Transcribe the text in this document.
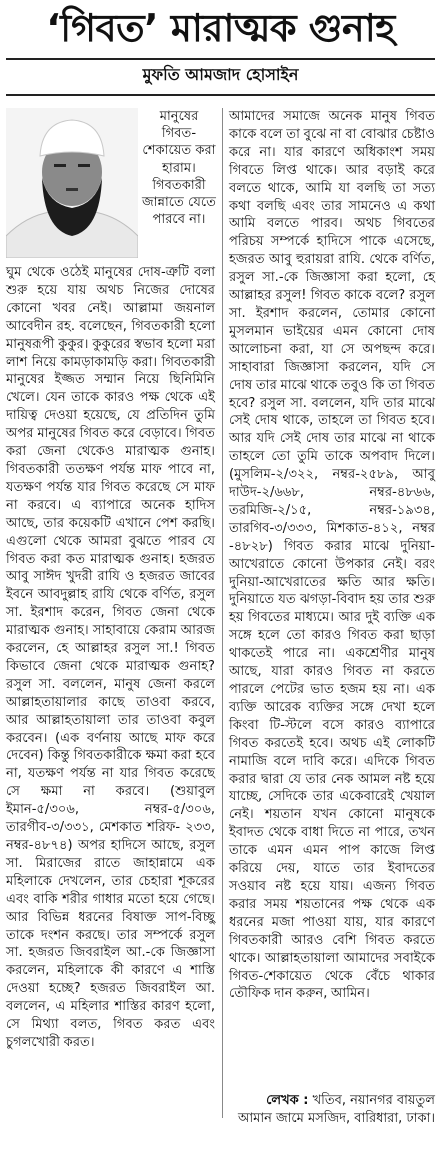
‘গিবত’ মারাত্মক গুনাহ
মুফতি আমজাদ হোসাইন
মানুষের গিবত-শেকায়েত করা হারাম। গিবতকারী জান্নাতে যেতে পারবে না।

ঘুম থেকে ওঠেই মানুষের দোষ-ত্রুটি বলা শুরু হয়ে যায় অথচ নিজের দোষের কোনো খবর নেই। আল্লামা জয়নাল আবেদীন রহ. বলেছেন, গিবতকারী হলো মানুষরূপী কুকুর। কুকুরের স্বভাব হলো মরা লাশ নিয়ে কামড়াকামড়ি করা। গিবতকারী মানুষের ইজ্জত সম্মান নিয়ে ছিনিমিনি খেলে। যেন তাকে কারও পক্ষ থেকে এই দায়িত্ব দেওয়া হয়েছে, যে প্রতিদিন তুমি অপর মানুষের গিবত করে বেড়াবে। গিবত করা জেনা থেকেও মারাত্মক গুনাহ। গিবতকারী ততক্ষণ পর্যন্ত মাফ পাবে না, যতক্ষণ পর্যন্ত যার গিবত করেছে সে মাফ না করবে। এ ব্যাপারে অনেক হাদিস আছে, তার কয়েকটি এখানে পেশ করছি। এগুলো থেকে আমরা বুঝতে পারব যে গিবত করা কত মারাত্মক গুনাহ। হজরত আবু সাঈদ খুদরী রাযি ও হজরত জাবের ইবনে আবদুল্লাহ রাযি থেকে বর্ণিত, রসুল সা. ইরশাদ করেন, গিবত জেনা থেকে মারাত্মক গুনাহ। সাহাবায়ে কেরাম আরজ করলেন, হে আল্লাহর রসুল সা.! গিবত কিভাবে জেনা থেকে মারাত্মক গুনাহ? রসুল সা. বললেন, মানুষ জেনা করলে আল্লাহতায়ালার কাছে তাওবা করবে, আর আল্লাহতায়ালা তার তাওবা কবুল করবেন। (এক বর্ণনায় আছে মাফ করে দেবেন) কিন্তু গিবতকারীকে ক্ষমা করা হবে না, যতক্ষণ পর্যন্ত না যার গিবত করেছে সে ক্ষমা না করবে। (শুয়াবুল ইমান-৫/৩০৬, নম্বর-৫/৩০৬, তারগীব-৩/৩৩১, মেশকাত শরিফ- ২৩৩, নম্বর-৪৮৭৪) অপর হাদিসে আছে, রসুল সা. মিরাজের রাতে জাহান্নামে এক মহিলাকে দেখলেন, তার চেহারা শূকরের এবং বাকি শরীর গাধার মতো হয়ে গেছে। আর বিভিন্ন ধরনের বিষাক্ত সাপ-বিচ্ছু তাকে দংশন করছে। তার সম্পর্কে রসুল সা. হজরত জিবরাইল আ.-কে জিজ্ঞাসা করলেন, মহিলাকে কী কারণে এ শাস্তি দেওয়া হচ্ছে? হজরত জিবরাইল আ. বললেন, এ মহিলার শাস্তির কারণ হলো, সে মিথ্যা বলত, গিবত করত এবং চুগলখোরী করত।

আমাদের সমাজে অনেক মানুষ গিবত কাকে বলে তা বুঝে না বা বোঝার চেষ্টাও করে না। যার কারণে অধিকাংশ সময় গিবতে লিপ্ত থাকে। আর বড়াই করে বলতে থাকে, আমি যা বলছি তা সত্য কথা বলছি এবং তার সামনেও এ কথা আমি বলতে পারব। অথচ গিবতের পরিচয় সম্পর্কে হাদিসে পাকে এসেছে, হজরত আবু হুরায়রা রাযি. থেকে বর্ণিত, রসুল সা.-কে জিজ্ঞাসা করা হলো, হে আল্লাহর রসুল! গিবত কাকে বলে? রসুল সা. ইরশাদ করলেন, তোমার কোনো মুসলমান ভাইয়ের এমন কোনো দোষ আলোচনা করা, যা সে অপছন্দ করে। সাহাবারা জিজ্ঞাসা করলেন, যদি সে দোষ তার মাঝে থাকে তবুও কি তা গিবত হবে? রসুল সা. বললেন, যদি তার মাঝে সেই দোষ থাকে, তাহলে তা গিবত হবে। আর যদি সেই দোষ তার মাঝে না থাকে তাহলে তো তুমি তাকে অপবাদ দিলে। (মুসলিম-২/৩২২, নম্বর-২৫৮৯, আবু দাউদ-২/৬৬৮, নম্বর-৪৮৬৬, তরমিজি-২/১৫, নম্বর-১৯৩৪, তারগিব-৩/৩৩৩, মিশকাত-৪১২, নম্বর -৪৮২৮) গিবত করার মাঝে দুনিয়া-আখেরাতে কোনো উপকার নেই। বরং দুনিয়া-আখেরাতের ক্ষতি আর ক্ষতি। দুনিয়াতে যত ঝগড়া-বিবাদ হয় তার শুরু হয় গিবতের মাধ্যমে। আর দুই ব্যক্তি এক সঙ্গে হলে তো কারও গিবত করা ছাড়া থাকতেই পারে না। একশ্রেণীর মানুষ আছে, যারা কারও গিবত না করতে পারলে পেটের ভাত হজম হয় না। এক ব্যক্তি আরেক ব্যক্তির সঙ্গে দেখা হলে কিংবা টি-স্টলে বসে কারও ব্যাপারে গিবত করতেই হবে। অথচ এই লোকটি নামাজি বলে দাবি করে। এদিকে গিবত করার দ্বারা যে তার নেক আমল নষ্ট হয়ে যাচ্ছে, সেদিকে তার একেবারেই খেয়াল নেই। শয়তান যখন কোনো মানুষকে ইবাদত থেকে বাধা দিতে না পারে, তখন তাকে এমন এমন পাপ কাজে লিপ্ত করিয়ে দেয়, যাতে তার ইবাদতের সওয়াব নষ্ট হয়ে যায়। এজন্য গিবত করার সময় শয়তানের পক্ষ থেকে এক ধরনের মজা পাওয়া যায়, যার কারণে গিবতকারী আরও বেশি গিবত করতে থাকে। আল্লাহতায়ালা আমাদের সবাইকে গিবত-শেকায়েত থেকে বেঁচে থাকার তৌফিক দান করুন, আমিন।

লেখক : খতিব, নয়ানগর বায়তুল আমান জামে মসজিদ, বারিধারা, ঢাকা।
